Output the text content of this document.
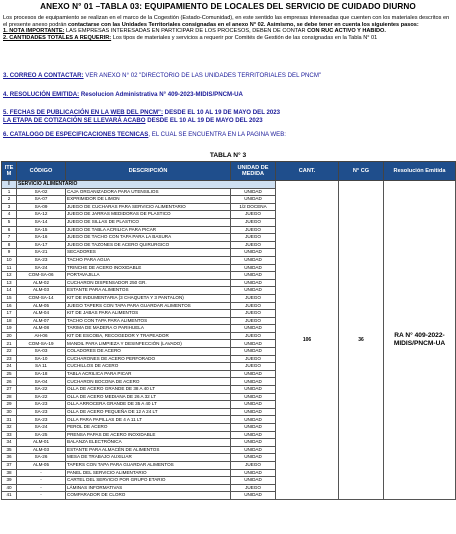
ANEXO N° 01 –TABLA 03: EQUIPAMIENTO DE LOCALES DEL SERVICIO DE CUIDADO DIURNO
Los procesos de equipamiento se realizan en el marco de la Cogestión (Estado-Comunidad), en este sentido las empresas interesadas que cuenten con los materiales descritos en el presente anexo podrán contactarse con las Unidades Territoriales consignadas en el anexo N° 02. Asimismo, se debe tener en cuenta los siguientes pasos:
1. NOTA IMPORTANTE: LAS EMPRESAS INTERESADAS EN PARTICIPAR DE LOS PROCESOS, DEBEN DE CONTAR CON RUC ACTIVO Y HABIDO.
2. CANTIDADES TOTALES A REQUERIR: Los tipos de materiales y servicios a requerir por Comités de Gestión de las consignadas en la Tabla N° 01
3. CORREO A CONTACTAR: VER ANEXO N° 02 "DIRECTORIO DE LAS UNIDADES TERRITORIALES DEL PNCM"
4. RESOLUCIÓN EMITIDA: Resolucion Administrativa N° 409-2023-MIDIS/PNCM-UA
5. FECHAS DE PUBLICACIÓN EN LA WEB DEL PNCM": DESDE EL 10 AL 19 DE MAYO DEL 2023
LA ETAPA DE COTIZACIÓN SE LLEVARÁ ACABO DESDE EL 10 AL 19 DE MAYO DEL 2023
6. CATALOGO DE ESPECIFICACIONES TECNICAS, EL CUAL SE ENCUENTRA EN LA PAGINA WEB:
TABLA N° 3
ITE M	CÓDIGO	DESCRIPCIÓN	UNIDAD DE MEDIDA	CANT.	N° CG	Resolución Emitida
I	SERVICIO ALIMENTARIO			106	36	RA N° 409-2022-MIDIS/PNCM-UA
1	SA-02	CAJA ORGANIZADORA PARA UTENSILIOS	UNIDAD			
2	SA-07	EXPRIMIDOR DE LIMON	UNIDAD			
3	SA-09	JUEGO DE CUCHARAS PARA SERVICIO ALIMENTARIO	1/2 DOCENA			
4	SA-12	JUEGO DE JARRAS MEDIDORAS DE PLASTICO	JUEGO			
5	SA-14	JUEGO DE SILLAS DE PLASTICO	JUEGO			
6	SA-15	JUEGO DE TABLA ACRILICA PARA PICAR	JUEGO			
7	SA-16	JUEGO DE TACHO CON TAPA PARA LA BASURA	JUEGO			
8	SA-17	JUEGO DE TAZONES DE ACERO QUIRURGICO	JUEGO			
9	SA-21	SECADORES	UNIDAD			
10	SA-23	TACHO PARA AGUA	UNIDAD			
11	SA-24	TRINCHE DE ACERO INOXIDABLE	UNIDAD			
12	COM-SA-06	PORTAVAJILLA	UNIDAD			
13	ALM-02	CUCHARON DISPENSADOR 250 GR.	UNIDAD			
14	ALM-03	ESTANTE PARA ALIMENTOS	UNIDAD			
15	COM-SA-14	KIT DE INDUMENTARIA (3 CHAQUETA Y 3 PANTALON)	JUEGO			
16	ALM-05	JUEGO TAPERS CON TAPA PARA GUARDAR ALIMENTOS	JUEGO			
17	ALM-04	KIT DE JABAS PARA ALIMENTOS	JUEGO			
18	ALM-07	TACHO CON TAPA PARA ALIMENTOS	JUEGO			
19	ALM-08	TARIMA DE MADERA O PARIHUELA	UNIDAD			
20	AH-06	KIT DE ESCOBA, RECOGEDOR Y TRAPEADOR	JUEGO			
21	COM-SA-19	MANDIL PARA LIMPIEZA Y DESINFECCIÓN (LAVADO)	UNIDAD			
22	SA-03	COLADORES DE ACERO	UNIDAD			
23	SA-10	CUCHARONES DE ACERO PERFORADO	JUEGO			
24	SA 11	CUCHILLOS DE ACERO	JUEGO			
25	SA-18	TABLA ACRILICA PARA PICAR	UNIDAD			
26	SA-04	CUCHARON BOCONA DE ACERO	UNIDAD			
27	SA-22	OLLA DE ACERO GRANDE DE 38 A 40 LT	UNIDAD			
28	SA-22	OLLA DE ACERO MEDIANA DE 26 A 32 LT	UNIDAD			
29	SA-23	OLLA ARROCERA GRANDE DE 35 A 40 LT	UNIDAD			
30	SA-23	OLLA DE ACERO PEQUEÑA DE 12 A 24 LT	UNIDAD			
31	SA-23	OLLA PARA PAPILLAS DE 4 A 11 LT	UNIDAD			
32	SA-24	PEROL DE ACERO	UNIDAD			
33	SA-25	PRENSA PAPAS DE ACERO INOXIDABLE	UNIDAD			
34	ALM-01	BALANZA ELECTRÓNICA	UNIDAD			
35	ALM-03	ESTANTE PARA ALMACÉN DE ALIMENTOS	UNIDAD			
36	SA-26	MESA DE TRABAJO AUXILIAR	UNIDAD			
37	ALM-05	TAPERS CON TAPA PARA GUARDAR ALIMENTOS	JUEGO			
38	-	PANEL DEL SERVICIO ALIMENTARIO	UNIDAD			
39	-	CARTEL DEL SERVICIO POR GRUPO ETARIO	UNIDAD			
40	-	LÁMINAS INFORMATIVAS	JUEGO			
41	-	COMPARADOR DE CLORO	UNIDAD			
